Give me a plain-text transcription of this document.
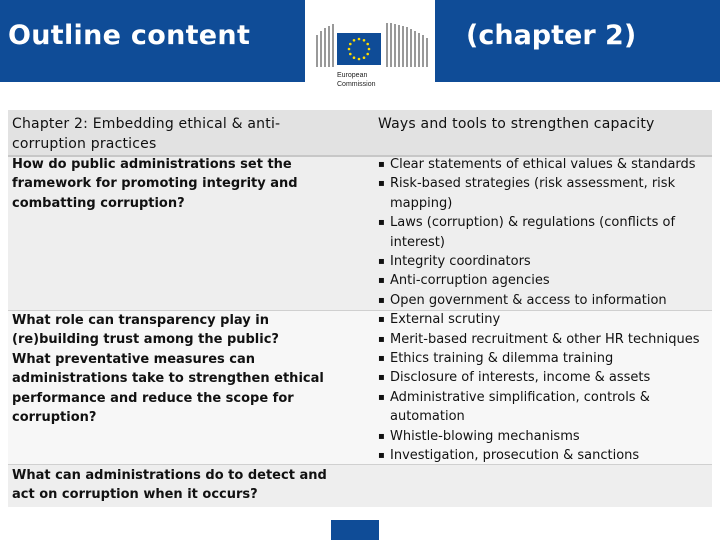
Outline content	(chapter 2)
European
Commission
Chapter 2: Embedding ethical & anti-corruption practices
Ways and tools to strengthen capacity
How do public administrations set the framework for promoting integrity and combatting corruption?
What role can transparency play in (re)building trust among the public?
What preventative measures can administrations take to strengthen ethical performance and reduce the scope for corruption?
What can administrations do to detect and act on corruption when it occurs?
▪ Clear statements of ethical values & standards
▪ Risk-based strategies (risk assessment, risk mapping)
▪ Laws (corruption) & regulations (conflicts of interest)
▪ Integrity coordinators
▪ Anti-corruption agencies
▪ Open government & access to information
▪ External scrutiny
▪ Merit-based recruitment & other HR techniques
▪ Ethics training & dilemma training
▪ Disclosure of interests, income & assets
▪ Administrative simplification, controls & automation
▪ Whistle-blowing mechanisms
▪ Investigation, prosecution & sanctions
